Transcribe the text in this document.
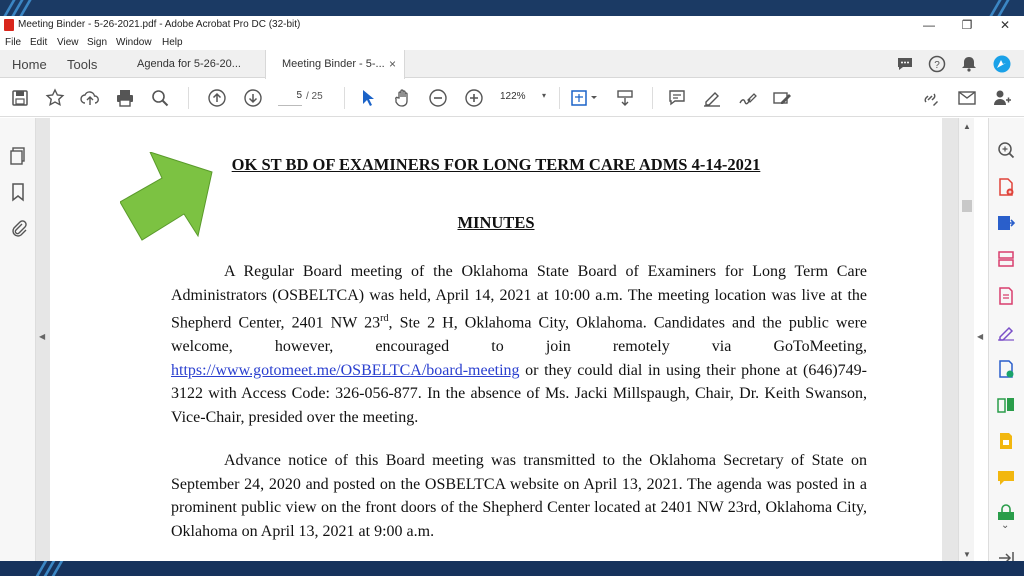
Meeting Binder - 5-26-2021.pdf - Adobe Acrobat Pro DC (32-bit)	—	❐	✕
File Edit View Sign Window Help
Home Tools	Agenda for 5-26-20...	Meeting Binder - 5-... ×	?
5 / 25	122% ▾
OK ST BD OF EXAMINERS FOR LONG TERM CARE ADMS 4-14-2021
MINUTES

A Regular Board meeting of the Oklahoma State Board of Examiners for Long Term Care Administrators (OSBELTCA) was held, April 14, 2021 at 10:00 a.m. The meeting location was live at the Shepherd Center, 2401 NW 23rd, Ste 2 H, Oklahoma City, Oklahoma. Candidates and the public were welcome, however, encouraged to join remotely via GoToMeeting, https://www.gotomeet.me/OSBELTCA/board-meeting or they could dial in using their phone at (646)749-3122 with Access Code: 326-056-877. In the absence of Ms. Jacki Millspaugh, Chair, Dr. Keith Swanson, Vice-Chair, presided over the meeting.

Advance notice of this Board meeting was transmitted to the Oklahoma Secretary of State on September 24, 2020 and posted on the OSBELTCA website on April 13, 2021. The agenda was posted in a prominent public view on the front doors of the Shepherd Center located at 2401 NW 23rd, Oklahoma City, Oklahoma on April 13, 2021 at 9:00 a.m.

◀
▲
▼
◀
⌄
